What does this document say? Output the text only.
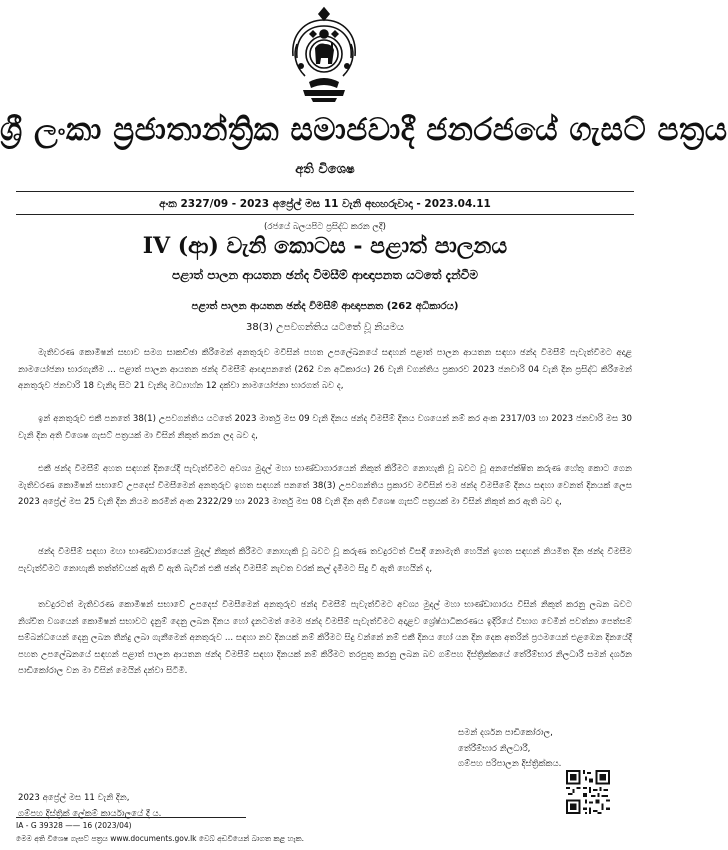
ශ්‍රී ලංකා ප්‍රජාතාන්ත්‍රික සමාජවාදී ජනරජයේ ගැසට් පත්‍රය
අති විශෙෂ
අංක 2327/09 - 2023 අප්‍රේල් මස 11 වැනි අඟහරුවාදා - 2023.04.11
(රජයේ බලයපිට ප්‍රසිද්ධ කරන ලදී)
IV (ආ) වැනි කොටස - පළාත් පාලනය
පළාත් පාලන ආයතන ඡන්ද විමසීම් ආඥාපනත යටතේ දැන්වීම
පළාත් පාලන ආයතන ඡන්ද විමසීම් ආඥාපනත (262 අධිකාරය)
38(3) උපවගන්තිය යටතේ වූ නියමය

මැතිවරණ කොමිෂන් සභාව සමග සාකච්ඡා කිරීමෙන් අනතුරුව මවිසින් පහත උපලේඛනයේ සඳහන් පළාත් පාලන ආයතන සඳහා ඡන්ද විමසීම් පැවැත්වීමට අදාළ නාමයෝජනා භාරගැනීම ... පළාත් පාලන ආයතන ඡන්ද විමසීම් ආඥාපනතේ (262 වන අධිකාරය) 26 වැනි වගන්තිය ප්‍රකාරව 2023 ජනවාරි 04 වැනි දින ප්‍රසිද්ධ කිරීමෙන් අනතුරුව ජනවාරි 18 වැනිදා සිට 21 වැනිදා මධ්‍යාහ්න 12 දක්වා නාමයෝජනා භාරගත් බව ද,

ඉන් අනතුරුව එකී පනතේ 38(1) උපවගන්තිය යටතේ 2023 මාර්තු මස 09 වැනි දිනය ඡන්ද විමසීම් දිනය වශයෙන් නම් කර අංක 2317/03 හා 2023 ජනවාරි මස 30 වැනි දින අති විශෙෂ ගැසට් පත්‍රයක් මා විසින් නිකුත් කරන ලද බව ද,

එකී ඡන්ද විමසීම් අහත සඳහන් දිනයේදී පැවැත්වීමට අවශ්‍ය මුදල් මහා භාණ්ඩාගාරයෙන් නිකුත් කිරීමට නොහැකි වූ බවට වූ අනපේක්ෂිත කරුණ හේතු කොට ගෙන මැතිවරණ කොමිෂන් සභාවේ උපදෙස් විමසීමෙන් අනතුරුව ඉහත සඳහන් පනතේ 38(3) උපවගන්තිය ප්‍රකාරව මවිසින් එම ඡන්ද විමසීමේ දිනය සඳහා වෙනත් දිනයක් ලෙස 2023 අප්‍රේල් මස 25 වැනි දින නියම කරමින් අංක 2322/29 හා 2023 මාර්තු මස 08 වැනි දින අති විශෙෂ ගැසට් පත්‍රයක් මා විසින් නිකුත් කර ඇති බව ද,

ඡන්ද විමසීම් සඳහා මහා භාණ්ඩාගාරයෙන් මුදල් නිකුත් කිරීමට නොහැකි වූ බවට වූ කරුණ තවදුරටත් විසඳී නොමැති හෙයින් ඉහත සඳහන් නියමිත දින ඡන්ද විමසීම පැවැත්වීමට නොහැකි තත්ත්වයක් ඇති වී ඇති බැවින් එකී ඡන්ද විමසීම් නැවත වරක් කල් දැමීමට සිදු වී ඇති හෙයින් ද,

තවදුරටත් මැතිවරණ කොමිෂන් සභාවේ උපදෙස් විමසීමෙන් අනතුරුව ඡන්ද විමසීම් පැවැත්වීමට අවශ්‍ය මුදල් මහා භාණ්ඩාගාරය විසින් නිකුත් කරනු ලබන බවට නිශ්චිත වශයෙන් කොමිෂන් සභාවට දැනුම් දෙනු ලබන දිනය හෝ දැනටමත් මෙම ඡන්ද විමසීම් පැවැත්වීමට අදාළව ශ්‍රේෂ්ඨාධිකරණය ඉදිරියේ විභාග වෙමින් පවත්නා පෙත්සම් සම්බන්ධයෙන් දෙනු ලබන තීන්දු ලබා ගැනීමෙන් අනතුරුව ... සඳහා නව දිනයක් නම් කිරීමට සිදු වන්නේ නම් එකී දිනය හෝ යන දින දෙක අතරින් ප්‍රථමයෙන් එළඹෙන දිනයේදී පහත උපලේඛනයේ සඳහන් පළාත් පාලන ආයතන ඡන්ද විමසීම් සඳහා දිනයක් නම් කිරීමට තරපුතු කරනු ලබන බව ගම්පහ දිස්ත්‍රික්කයේ තේරීම්භාර නිලධාරී සමන් දර්ශන පාඩිකෝරාල වන මා විසින් මෙයින් දන්වා සිටිමි.

සමන් දර්ශන පාඩිකෝරාල,
තේරීම්භාර නිලධාරී,
ගම්පහ පරිපාලන දිස්ත්‍රික්කය.
2023 අප්‍රේල් මස 11 වැනි දින,
ගම්පහ දිස්ත්‍රික් ලේකම් කාර්යාලයේ දී ය.
IA - G 39328 —— 16 (2023/04)
මෙම අති විශෙෂ ගැසට් පත්‍රය www.documents.gov.lk වෙබ් අඩවියෙන් බාගත කළ හැක.
